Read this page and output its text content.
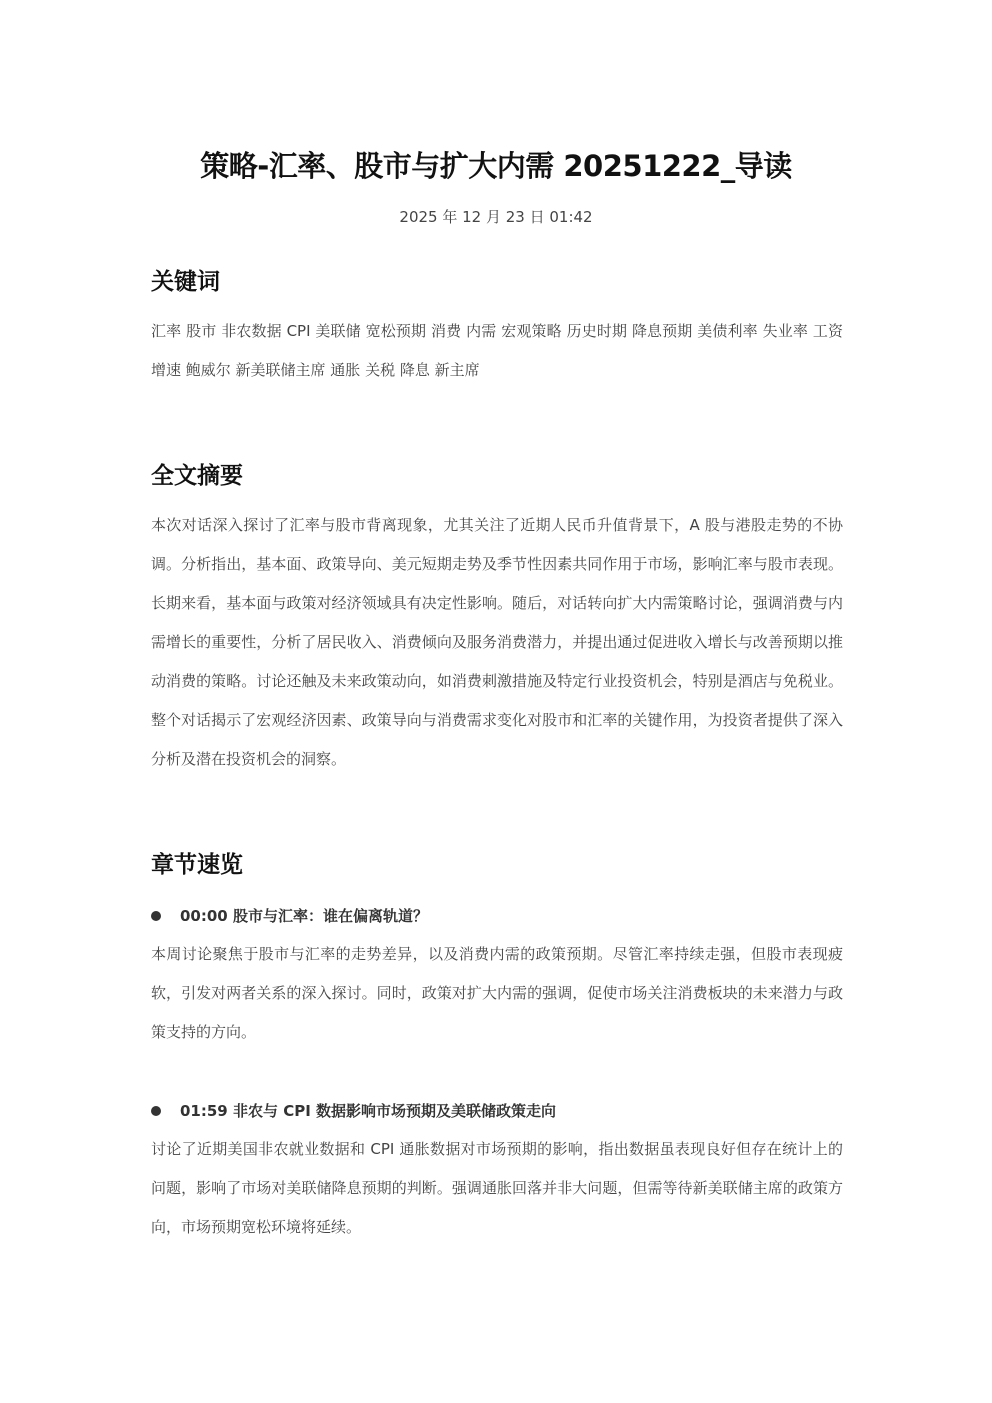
策略-汇率、股市与扩大内需 20251222_导读
2025 年 12 月 23 日 01:42
关键词
汇率 股市 非农数据 CPI 美联储 宽松预期 消费 内需 宏观策略 历史时期 降息预期 美债利率 失业率 工资增速 鲍威尔 新美联储主席 通胀 关税 降息 新主席
全文摘要
本次对话深入探讨了汇率与股市背离现象，尤其关注了近期人民币升值背景下，A 股与港股走势的不协调。分析指出，基本面、政策导向、美元短期走势及季节性因素共同作用于市场，影响汇率与股市表现。长期来看，基本面与政策对经济领域具有决定性影响。随后，对话转向扩大内需策略讨论，强调消费与内需增长的重要性，分析了居民收入、消费倾向及服务消费潜力，并提出通过促进收入增长与改善预期以推动消费的策略。讨论还触及未来政策动向，如消费刺激措施及特定行业投资机会，特别是酒店与免税业。整个对话揭示了宏观经济因素、政策导向与消费需求变化对股市和汇率的关键作用，为投资者提供了深入分析及潜在投资机会的洞察。
章节速览
00:00 股市与汇率：谁在偏离轨道？
本周讨论聚焦于股市与汇率的走势差异，以及消费内需的政策预期。尽管汇率持续走强，但股市表现疲软，引发对两者关系的深入探讨。同时，政策对扩大内需的强调，促使市场关注消费板块的未来潜力与政策支持的方向。
01:59 非农与 CPI 数据影响市场预期及美联储政策走向
讨论了近期美国非农就业数据和 CPI 通胀数据对市场预期的影响，指出数据虽表现良好但存在统计上的问题，影响了市场对美联储降息预期的判断。强调通胀回落并非大问题，但需等待新美联储主席的政策方向，市场预期宽松环境将延续。
